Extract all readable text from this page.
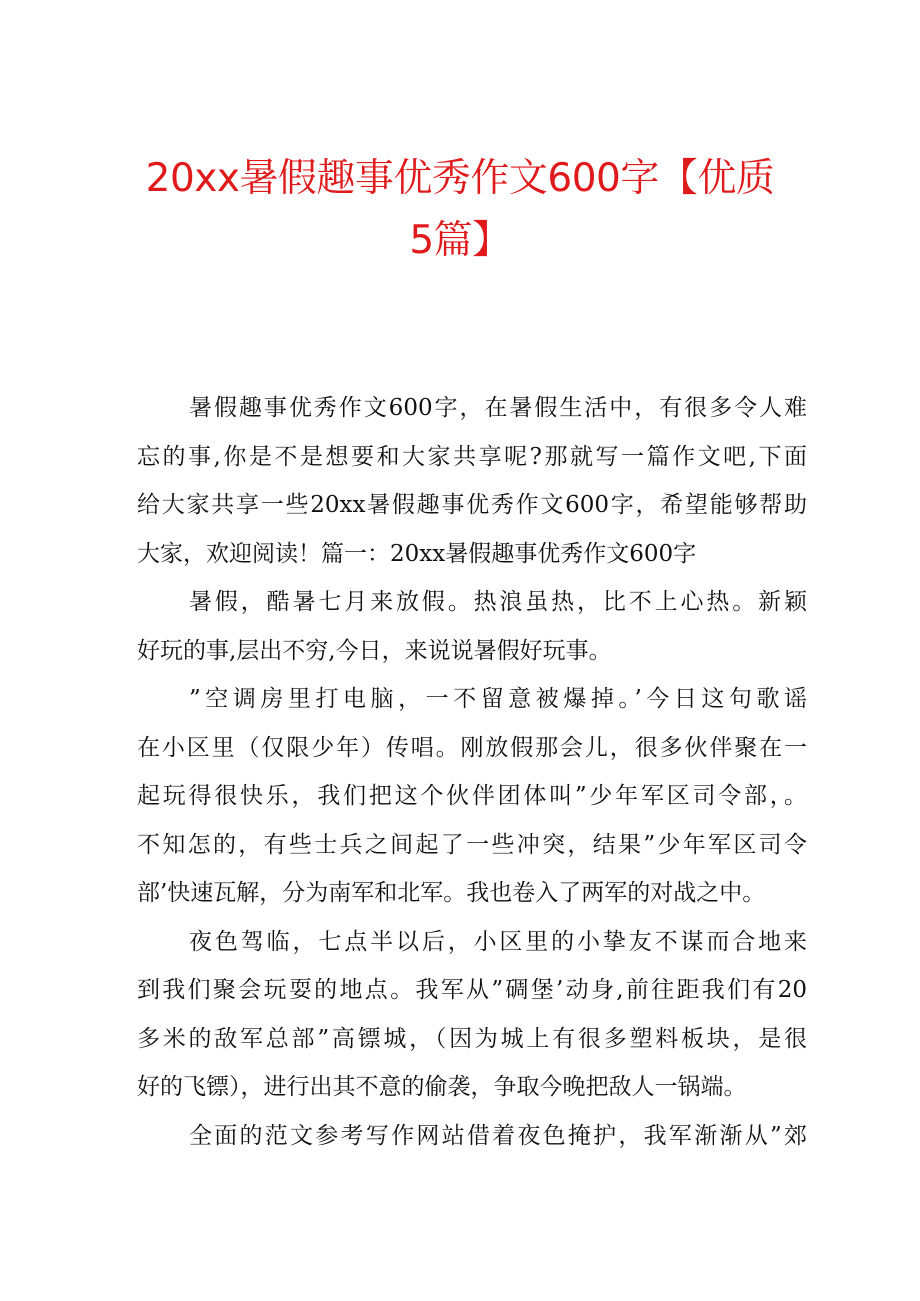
20xx暑假趣事优秀作文600字【优质
5篇】
暑假趣事优秀作文600字，在暑假生活中，有很多令人难
忘的事,你是不是想要和大家共享呢?那就写一篇作文吧,下面
给大家共享一些20xx暑假趣事优秀作文600字，希望能够帮助
大家，欢迎阅读！篇一：20xx暑假趣事优秀作文600字
暑假，酷暑七月来放假。热浪虽热，比不上心热。新颖
好玩的事,层出不穷,今日，来说说暑假好玩事。
”空调房里打电脑，一不留意被爆掉。’今日这句歌谣
在小区里（仅限少年）传唱。刚放假那会儿，很多伙伴聚在一
起玩得很快乐，我们把这个伙伴团体叫”少年军区司令部，。
不知怎的，有些士兵之间起了一些冲突，结果”少年军区司令
部’快速瓦解，分为南军和北军。我也卷入了两军的对战之中。
夜色驾临，七点半以后，小区里的小挚友不谋而合地来
到我们聚会玩耍的地点。我军从”碉堡’动身,前往距我们有20
多米的敌军总部”高镖城，（因为城上有很多塑料板块，是很
好的飞镖），进行出其不意的偷袭，争取今晚把敌人一锅端。
全面的范文参考写作网站借着夜色掩护，我军渐渐从”郊
